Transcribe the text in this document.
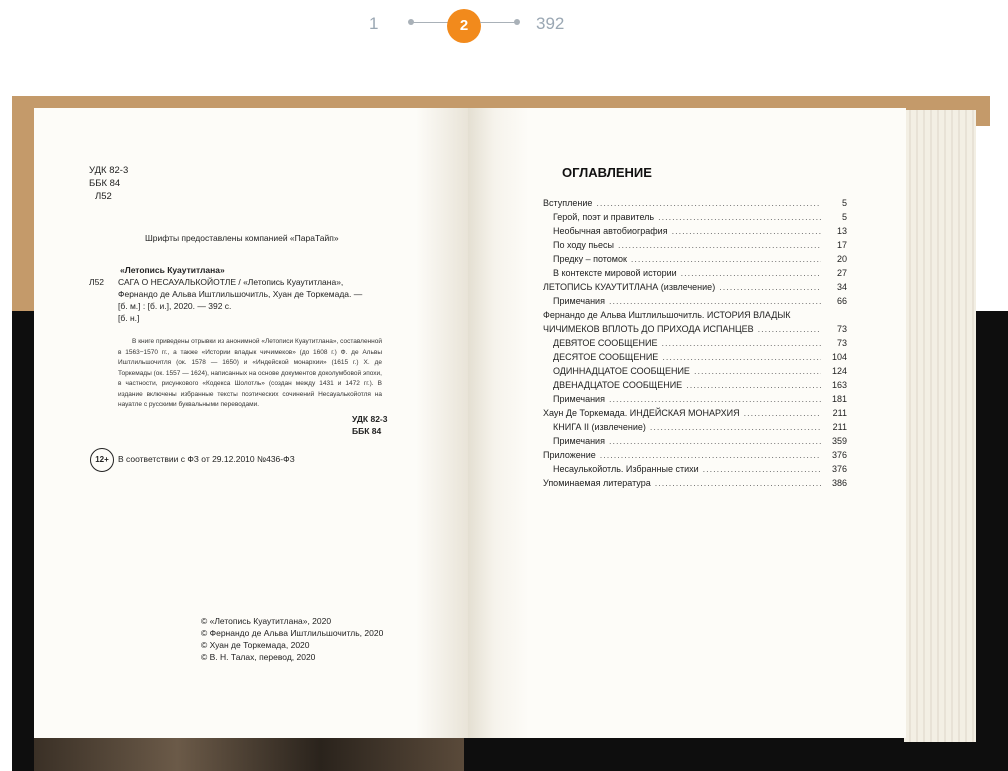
1	2	392
УДК 82-3
ББК 84
Л52
Шрифты предоставлены компанией «ПараТайп»
«Летопись Куаутитлана»
Л52 САГА О НЕСАУАЛЬКОЙОТЛЕ / «Летопись Куаутитлана»,
Фернандо де Альва Иштлильшочитль, Хуан де Торкемада. —
[б. м.] : [б. и.], 2020. — 392 с.
[б. н.]
В книге приведены отрывки из анонимной «Летописи Куаутитлана», составленной в 1563−1570 гг., а также «Истории владык чичимеков» (до 1608 г.) Ф. де Альвы Иштлильшочитля (ок. 1578 — 1650) и «Индейской монархии» (1615 г.) Х. де Торкемады (ок. 1557 — 1624), написанных на основе документов доколумбовой эпохи, в частности, рисункового «Кодекса Шолотль» (создан между 1431 и 1472 гг.). В издание включены избранные тексты поэтических сочинений Несауалькойотля на науатле с русскими буквальными переводами.
УДК 82-3
ББК 84
12+	В соответствии с ФЗ от 29.12.2010 №436-ФЗ
© «Летопись Куаутитлана», 2020
© Фернандо де Альва Иштлильшочитль, 2020
© Хуан де Торкемада, 2020
© В. Н. Талах, перевод, 2020
ОГЛАВЛЕНИЕ
Вступление .....	5
Герой, поэт и правитель .....	5
Необычная автобиография .....	13
По ходу пьесы .....	17
Предку – потомок .....	20
В контексте мировой истории .....	27
ЛЕТОПИСЬ КУАУТИТЛАНА (извлечение) .....	34
Примечания .....	66
Фернандо де Альва Иштлильшочитль. ИСТОРИЯ ВЛАДЫК
ЧИЧИМЕКОВ ВПЛОТЬ ДО ПРИХОДА ИСПАНЦЕВ .....	73
ДЕВЯТОЕ СООБЩЕНИЕ .....	73
ДЕСЯТОЕ СООБЩЕНИЕ .....	104
ОДИННАДЦАТОЕ СООБЩЕНИЕ .....	124
ДВЕНАДЦАТОЕ СООБЩЕНИЕ .....	163
Примечания .....	181
Хаун Де Торкемада. ИНДЕЙСКАЯ МОНАРХИЯ .....	211
КНИГА II (извлечение) .....	211
Примечания .....	359
Приложение .....	376
Несаулькойотль. Избранные стихи .....	376
Упоминаемая литература .....	386
